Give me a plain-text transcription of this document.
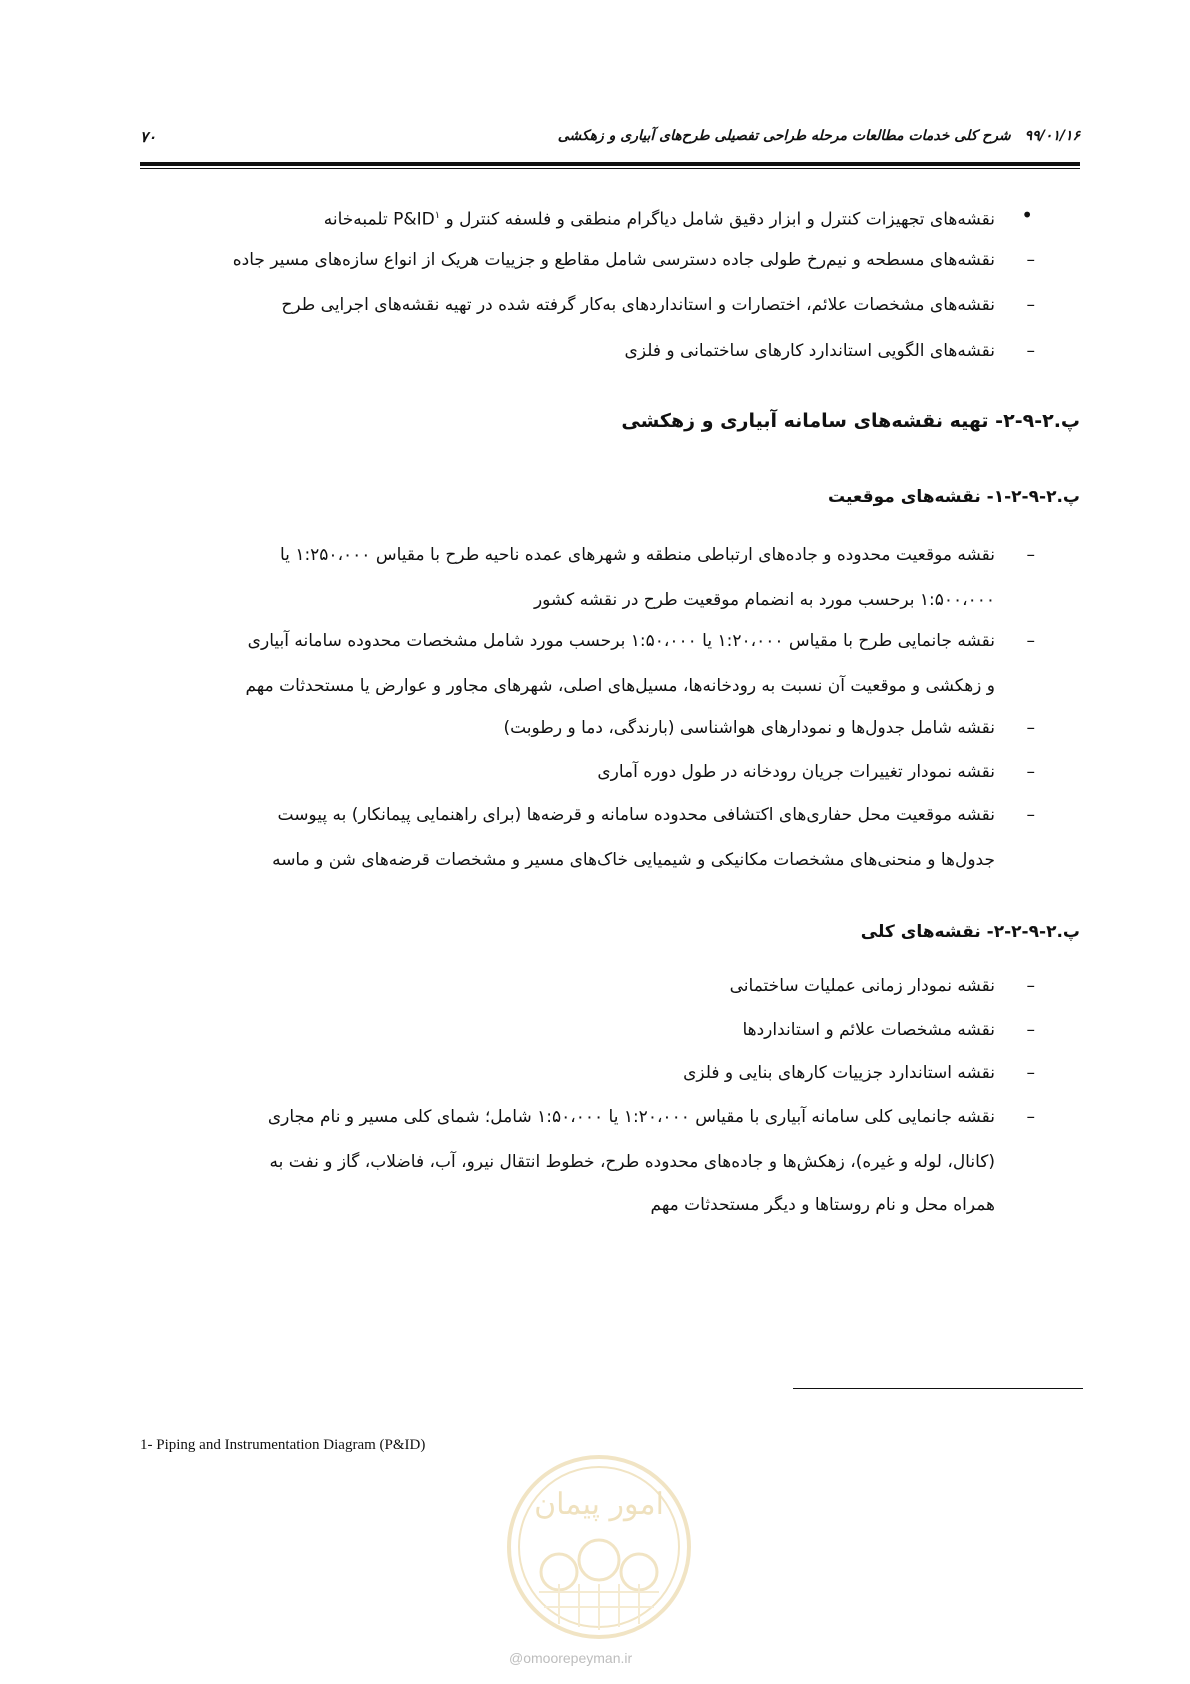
۹۹/۰۱/۱۶شرح کلی خدمات مطالعات مرحله طراحی تفصیلی طرح‌های آبیاری و زهکشی
۷۰
•
نقشه‌های تجهیزات کنترل و ابزار دقیق شامل دیاگرام منطقی و فلسفه کنترل و $P\&ID^۱$ تلمبه‌خانه
–
نقشه‌های مسطحه و نیم‌رخ طولی جاده دسترسی شامل مقاطع و جزییات هریک از انواع سازه‌های مسیر جاده
–
نقشه‌های مشخصات علائم، اختصارات و استانداردهای به‌کار گرفته شده در تهیه نقشه‌های اجرایی طرح
–
نقشه‌های الگویی استاندارد کارهای ساختمانی و فلزی
پ.۲-۹-۲- تهیه نقشه‌های سامانه آبیاری و زهکشی
پ.۲-۹-۲-۱- نقشه‌های موقعیت
–
نقشه موقعیت محدوده و جاده‌های ارتباطی منطقه و شهرهای عمده ناحیه طرح با مقیاس ۱:۲۵۰،۰۰۰ یا
۱:۵۰۰،۰۰۰ برحسب مورد به انضمام موقعیت طرح در نقشه کشور
–
نقشه جانمایی طرح با مقیاس ۱:۲۰،۰۰۰ یا ۱:۵۰،۰۰۰ برحسب مورد شامل مشخصات محدوده سامانه آبیاری
و زهکشی و موقعیت آن نسبت به رودخانه‌ها، مسیل‌های اصلی، شهرهای مجاور و عوارض یا مستحدثات مهم
–
نقشه شامل جدول‌ها و نمودارهای هواشناسی (بارندگی، دما و رطوبت)
–
نقشه نمودار تغییرات جریان رودخانه در طول دوره آماری
–
نقشه موقعیت محل حفاری‌های اکتشافی محدوده سامانه و قرضه‌ها (برای راهنمایی پیمانکار) به پیوست
جدول‌ها و منحنی‌های مشخصات مکانیکی و شیمیایی خاک‌های مسیر و مشخصات قرضه‌های شن و ماسه
پ.۲-۹-۲-۲- نقشه‌های کلی
–
نقشه نمودار زمانی عملیات ساختمانی
–
نقشه مشخصات علائم و استانداردها
–
نقشه استاندارد جزییات کارهای بنایی و فلزی
–
نقشه جانمایی کلی سامانه آبیاری با مقیاس ۱:۲۰،۰۰۰ یا ۱:۵۰،۰۰۰ شامل؛ شمای کلی مسیر و نام مجاری
(کانال، لوله و غیره)، زهکش‌ها و جاده‌های محدوده طرح، خطوط انتقال نیرو، آب، فاضلاب، گاز و نفت به
همراه محل و نام روستاها و دیگر مستحدثات مهم
1- Piping and Instrumentation Diagram (P&ID)
امور پیمان
@omoorepeyman.ir
